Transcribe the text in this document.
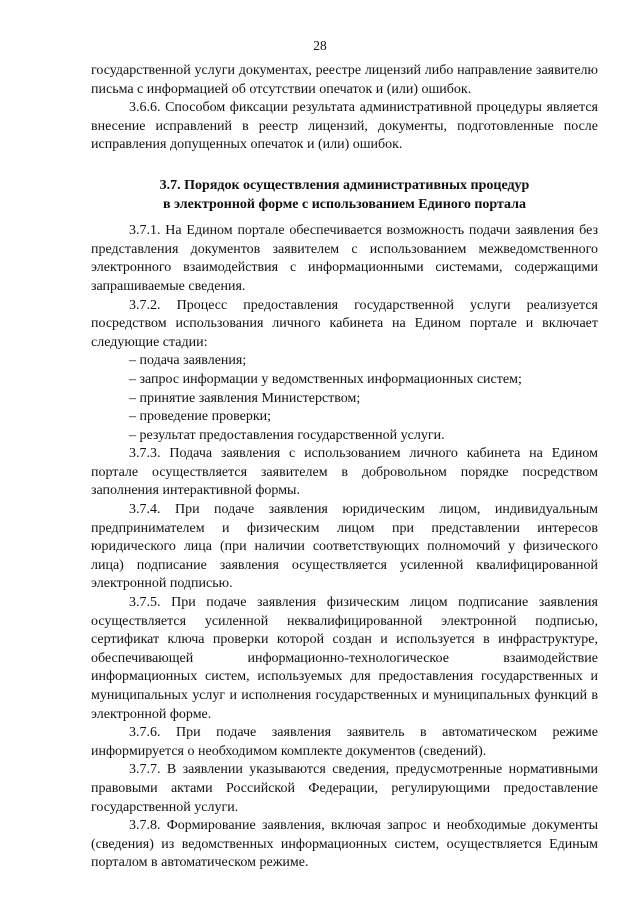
28

государственной услуги документах, реестре лицензий либо направление заявителю письма с информацией об отсутствии опечаток и (или) ошибок.

3.6.6. Способом фиксации результата административной процедуры является внесение исправлений в реестр лицензий, документы, подготовленные после исправления допущенных опечаток и (или) ошибок.

3.7. Порядок осуществления административных процедур
в электронной форме с использованием Единого портала

3.7.1. На Едином портале обеспечивается возможность подачи заявления без представления документов заявителем с использованием межведомственного электронного взаимодействия с информационными системами, содержащими запрашиваемые сведения.

3.7.2. Процесс предоставления государственной услуги реализуется посредством использования личного кабинета на Едином портале и включает следующие стадии:

– подача заявления;
– запрос информации у ведомственных информационных систем;
– принятие заявления Министерством;
– проведение проверки;
– результат предоставления государственной услуги.

3.7.3. Подача заявления с использованием личного кабинета на Едином портале осуществляется заявителем в добровольном порядке посредством заполнения интерактивной формы.

3.7.4. При подаче заявления юридическим лицом, индивидуальным предпринимателем и физическим лицом при представлении интересов юридического лица (при наличии соответствующих полномочий у физического лица) подписание заявления осуществляется усиленной квалифицированной электронной подписью.

3.7.5. При подаче заявления физическим лицом подписание заявления осуществляется усиленной неквалифицированной электронной подписью, сертификат ключа проверки которой создан и используется в инфраструктуре, обеспечивающей информационно-технологическое взаимодействие информационных систем, используемых для предоставления государственных и муниципальных услуг и исполнения государственных и муниципальных функций в электронной форме.

3.7.6. При подаче заявления заявитель в автоматическом режиме информируется о необходимом комплекте документов (сведений).

3.7.7. В заявлении указываются сведения, предусмотренные нормативными правовыми актами Российской Федерации, регулирующими предоставление государственной услуги.

3.7.8. Формирование заявления, включая запрос и необходимые документы (сведения) из ведомственных информационных систем, осуществляется Единым порталом в автоматическом режиме.
